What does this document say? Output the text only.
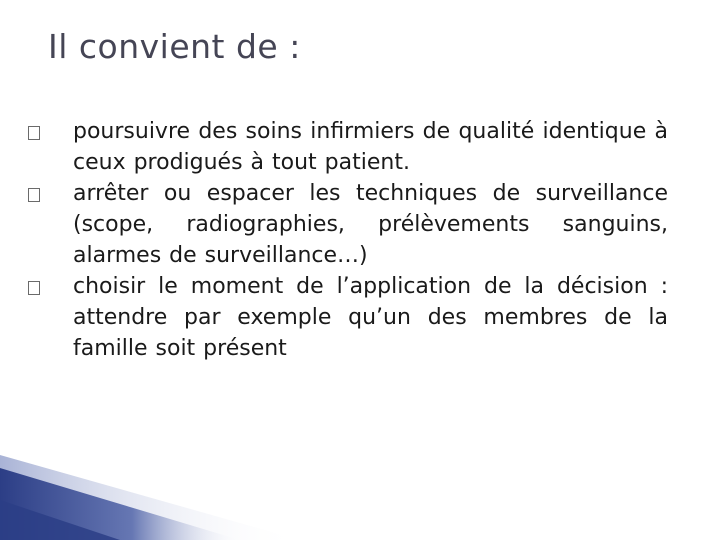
Il convient de :
poursuivre des soins infirmiers de qualité identique à ceux prodigués à tout patient.
arrêter ou espacer les techniques de surveillance (scope, radiographies, prélèvements sanguins, alarmes de surveillance…)
choisir le moment de l’application de la décision : attendre par exemple qu’un des membres de la famille soit présent
